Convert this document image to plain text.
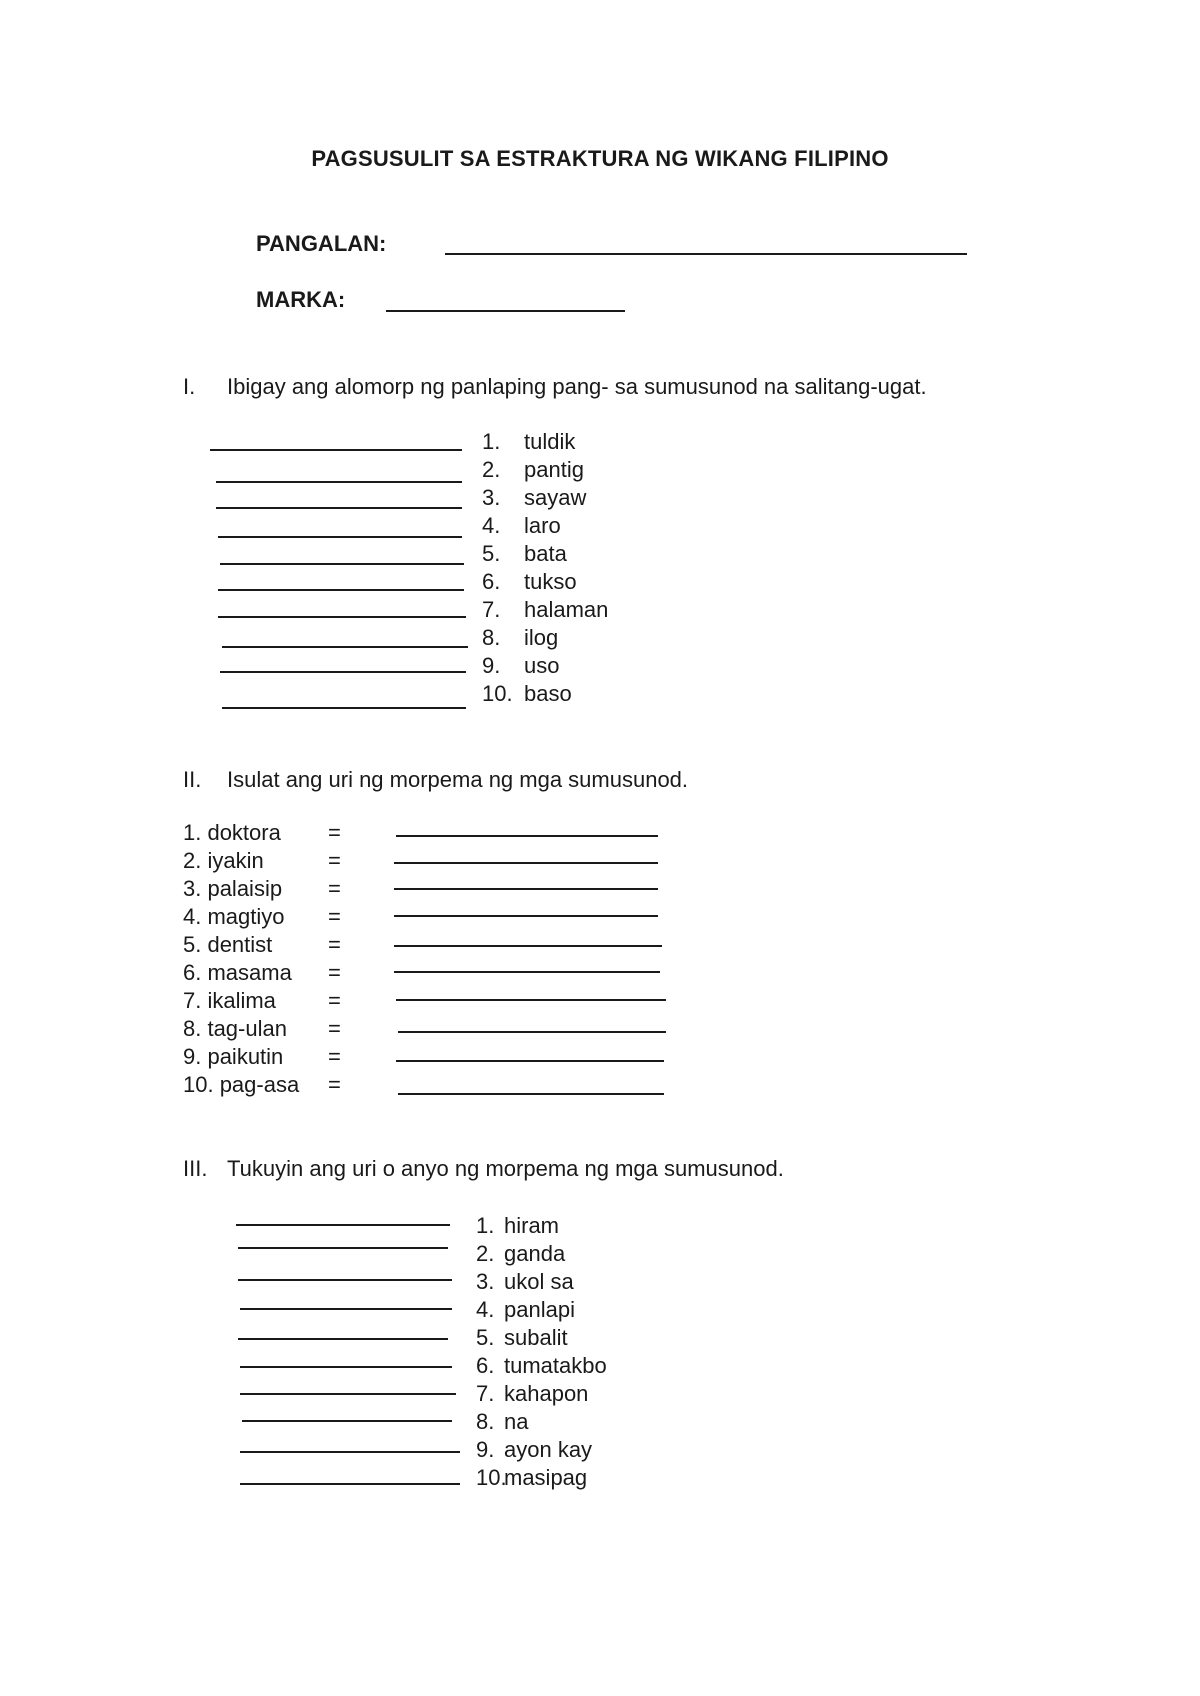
PAGSUSULIT SA ESTRAKTURA NG WIKANG FILIPINO
PANGALAN:
MARKA:
I. Ibigay ang alomorp ng panlaping pang- sa sumusunod na salitang-ugat.
1. tuldik
2. pantig
3. sayaw
4. laro
5. bata
6. tukso
7. halaman
8. ilog
9. uso
10. baso
II. Isulat ang uri ng morpema ng mga sumusunod.
1. doktora
2. iyakin
3. palaisip
4. magtiyo
5. dentist
6. masama
7. ikalima
8. tag-ulan
9. paikutin
10. pag-asa
=
=
=
=
=
=
=
=
=
=
III. Tukuyin ang uri o anyo ng morpema ng mga sumusunod.
1. hiram
2. ganda
3. ukol sa
4. panlapi
5. subalit
6. tumatakbo
7. kahapon
8. na
9. ayon kay
10.masipag
